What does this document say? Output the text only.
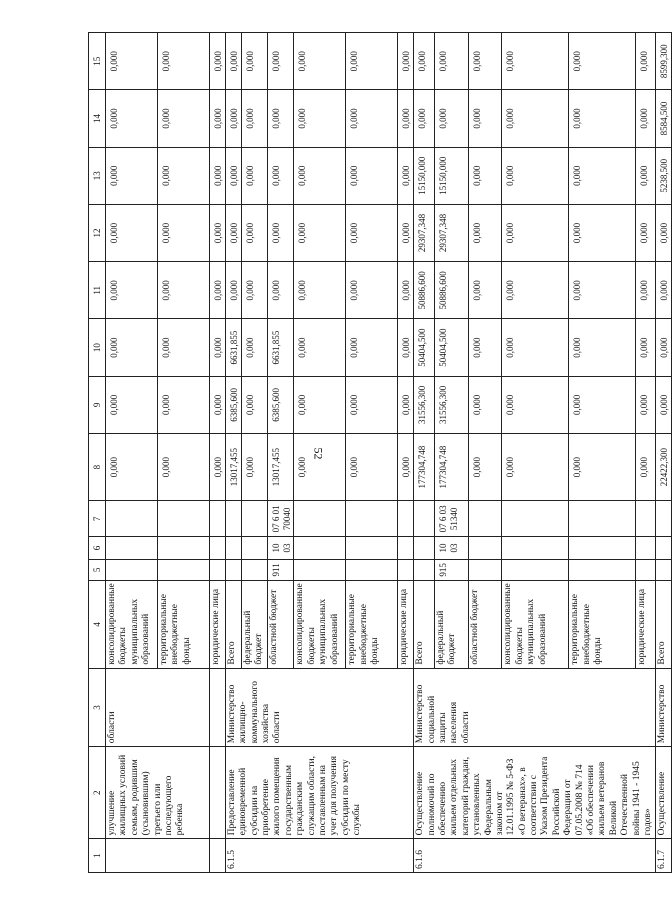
52
1	2	3	4	5	6	7	8	9	10	11	12	13	14	15
	улучшение жилищных условий семьям, родившим (усыновившим) третьего или последующего ребенка	области	консолидированные бюджеты муниципальных образований				0,000	0,000	0,000	0,000	0,000	0,000	0,000	0,000
			территориальные внебюджетные фонды				0,000	0,000	0,000	0,000	0,000	0,000	0,000	0,000
			юридические лица				0,000	0,000	0,000	0,000	0,000	0,000	0,000	0,000
6.1.5	Предоставление единовременной субсидии на приобретение жилого помещения государственным гражданским служащим области, поставленным на учет для получения субсидии по месту службы	Министерство жилищно-коммунального хозяйства области	Всего				13017,455	6385,600	6631,855	0,000	0,000	0,000	0,000	0,000
			федеральный бюджет				0,000	0,000	0,000	0,000	0,000	0,000	0,000	0,000
			областной бюджет	911	10 03	07 6 01 70040	13017,455	6385,600	6631,855	0,000	0,000	0,000	0,000	0,000
			консолидированные бюджеты муниципальных образований				0,000	0,000	0,000	0,000	0,000	0,000	0,000	0,000
			территориальные внебюджетные фонды				0,000	0,000	0,000	0,000	0,000	0,000	0,000	0,000
			юридические лица				0,000	0,000	0,000	0,000	0,000	0,000	0,000	0,000
6.1.6	Осуществление полномочий по обеспечению жильем отдельных категорий граждан, установленных Федеральным законом от 12.01.1995 № 5-ФЗ «О ветеранах», в соответствии с Указом Президента Российской Федерации от 07.05.2008 № 714 «Об обеспечении жильем ветеранов Великой Отечественной войны 1941 - 1945 годов»	Министерство социальной защиты населения области	Всего				177304,748	31556,300	50404,500	50886,600	29307,348	15150,000	0,000	0,000
			федеральный бюджет	915	10 03	07 6 03 51340	177304,748	31556,300	50404,500	50886,600	29307,348	15150,000	0,000	0,000
			областной бюджет				0,000	0,000	0,000	0,000	0,000	0,000	0,000	0,000
			консолидированные бюджеты муниципальных образований				0,000	0,000	0,000	0,000	0,000	0,000	0,000	0,000
			территориальные внебюджетные фонды				0,000	0,000	0,000	0,000	0,000	0,000	0,000	0,000
			юридические лица				0,000	0,000	0,000	0,000	0,000	0,000	0,000	0,000
6.1.7	Осуществление	Министерство	Всего				22422,300	0,000	0,000	0,000	0,000	5238,500	8584,500	8599,300
